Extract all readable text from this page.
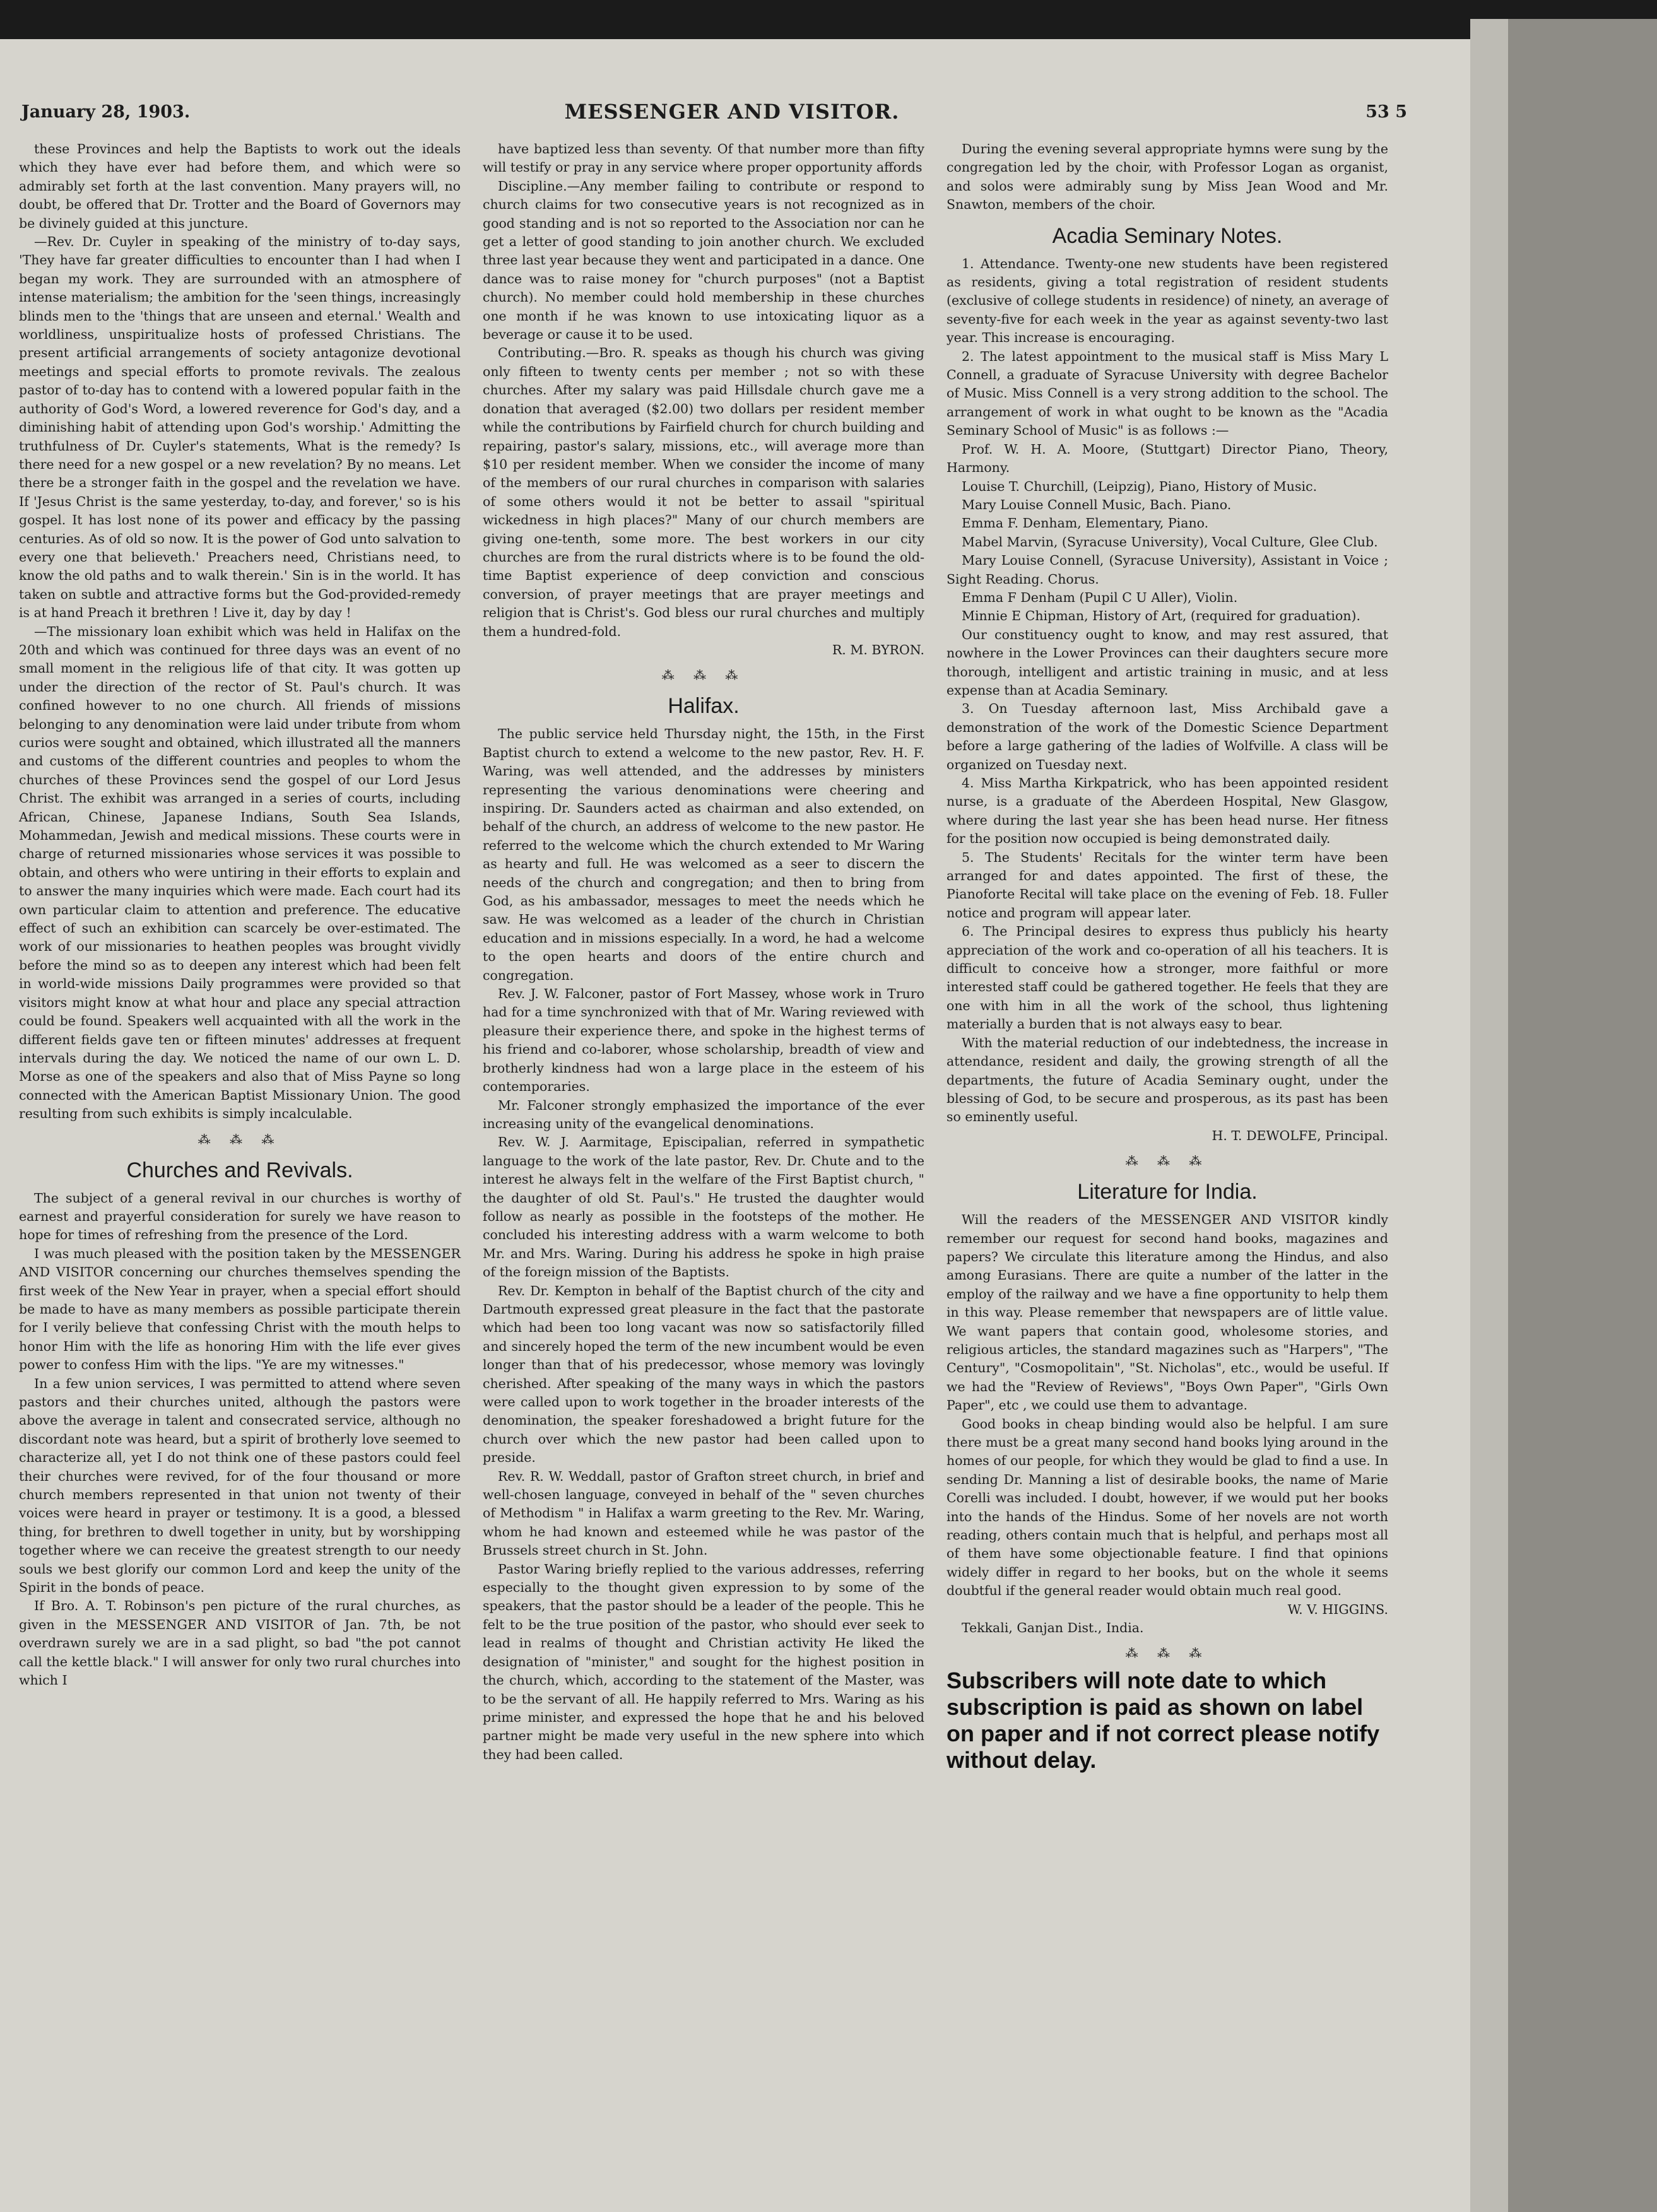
January 28, 1903.	MESSENGER AND VISITOR.	53 5

these Provinces and help the Baptists to work out the ideals which they have ever had before them, and which were so admirably set forth at the last convention. Many prayers will, no doubt, be offered that Dr. Trotter and the Board of Governors may be divinely guided at this juncture.

—Rev. Dr. Cuyler in speaking of the ministry of to-day says, 'They have far greater difficulties to encounter than I had when I began my work. They are surrounded with an atmosphere of intense materialism; the ambition for the 'seen things, increasingly blinds men to the 'things that are unseen and eternal.' Wealth and worldliness, unspiritualize hosts of professed Christians. The present artificial arrangements of society antagonize devotional meetings and special efforts to promote revivals. The zealous pastor of to-day has to contend with a lowered popular faith in the authority of God's Word, a lowered reverence for God's day, and a diminishing habit of attending upon God's worship.' Admitting the truthfulness of Dr. Cuyler's statements, What is the remedy? Is there need for a new gospel or a new revelation? By no means. Let there be a stronger faith in the gospel and the revelation we have. If 'Jesus Christ is the same yesterday, to-day, and forever,' so is his gospel. It has lost none of its power and efficacy by the passing centuries. As of old so now. It is the power of God unto salvation to every one that believeth.' Preachers need, Christians need, to know the old paths and to walk therein.' Sin is in the world. It has taken on subtle and attractive forms but the God-provided-remedy is at hand Preach it brethren ! Live it, day by day !

—The missionary loan exhibit which was held in Halifax on the 20th and which was continued for three days was an event of no small moment in the religious life of that city. It was gotten up under the direction of the rector of St. Paul's church. It was confined however to no one church. All friends of missions belonging to any denomination were laid under tribute from whom curios were sought and obtained, which illustrated all the manners and customs of the different countries and peoples to whom the churches of these Provinces send the gospel of our Lord Jesus Christ. The exhibit was arranged in a series of courts, including African, Chinese, Japanese Indians, South Sea Islands, Mohammedan, Jewish and medical missions. These courts were in charge of returned missionaries whose services it was possible to obtain, and others who were untiring in their efforts to explain and to answer the many inquiries which were made. Each court had its own particular claim to attention and preference. The educative effect of such an exhibition can scarcely be over-estimated. The work of our missionaries to heathen peoples was brought vividly before the mind so as to deepen any interest which had been felt in world-wide missions Daily programmes were provided so that visitors might know at what hour and place any special attraction could be found. Speakers well acquainted with all the work in the different fields gave ten or fifteen minutes' addresses at frequent intervals during the day. We noticed the name of our own L. D. Morse as one of the speakers and also that of Miss Payne so long connected with the American Baptist Missionary Union. The good resulting from such exhibits is simply incalculable.

⁂ ⁂ ⁂
Churches and Revivals.

The subject of a general revival in our churches is worthy of earnest and prayerful consideration for surely we have reason to hope for times of refreshing from the presence of the Lord.

I was much pleased with the position taken by the MESSENGER AND VISITOR concerning our churches themselves spending the first week of the New Year in prayer, when a special effort should be made to have as many members as possible participate therein for I verily believe that confessing Christ with the mouth helps to honor Him with the life as honoring Him with the life ever gives power to confess Him with the lips. "Ye are my witnesses."

In a few union services, I was permitted to attend where seven pastors and their churches united, although the pastors were above the average in talent and consecrated service, although no discordant note was heard, but a spirit of brotherly love seemed to characterize all, yet I do not think one of these pastors could feel their churches were revived, for of the four thousand or more church members represented in that union not twenty of their voices were heard in prayer or testimony. It is a good, a blessed thing, for brethren to dwell together in unity, but by worshipping together where we can receive the greatest strength to our needy souls we best glorify our common Lord and keep the unity of the Spirit in the bonds of peace.

If Bro. A. T. Robinson's pen picture of the rural churches, as given in the MESSENGER AND VISITOR of Jan. 7th, be not overdrawn surely we are in a sad plight, so bad "the pot cannot call the kettle black." I will answer for only two rural churches into which I

have baptized less than seventy. Of that number more than fifty will testify or pray in any service where proper opportunity affords

Discipline.—Any member failing to contribute or respond to church claims for two consecutive years is not recognized as in good standing and is not so reported to the Association nor can he get a letter of good standing to join another church. We excluded three last year because they went and participated in a dance. One dance was to raise money for "church purposes" (not a Baptist church). No member could hold membership in these churches one month if he was known to use intoxicating liquor as a beverage or cause it to be used.

Contributing.—Bro. R. speaks as though his church was giving only fifteen to twenty cents per member ; not so with these churches. After my salary was paid Hillsdale church gave me a donation that averaged ($2.00) two dollars per resident member while the contributions by Fairfield church for church building and repairing, pastor's salary, missions, etc., will average more than $10 per resident member. When we consider the income of many of the members of our rural churches in comparison with salaries of some others would it not be better to assail "spiritual wickedness in high places?" Many of our church members are giving one-tenth, some more. The best workers in our city churches are from the rural districts where is to be found the old-time Baptist experience of deep conviction and conscious conversion, of prayer meetings that are prayer meetings and religion that is Christ's. God bless our rural churches and multiply them a hundred-fold.

R. M. BYRON.

⁂ ⁂ ⁂
Halifax.

The public service held Thursday night, the 15th, in the First Baptist church to extend a welcome to the new pastor, Rev. H. F. Waring, was well attended, and the addresses by ministers representing the various denominations were cheering and inspiring. Dr. Saunders acted as chairman and also extended, on behalf of the church, an address of welcome to the new pastor. He referred to the welcome which the church extended to Mr Waring as hearty and full. He was welcomed as a seer to discern the needs of the church and congregation; and then to bring from God, as his ambassador, messages to meet the needs which he saw. He was welcomed as a leader of the church in Christian education and in missions especially. In a word, he had a welcome to the open hearts and doors of the entire church and congregation.

Rev. J. W. Falconer, pastor of Fort Massey, whose work in Truro had for a time synchronized with that of Mr. Waring reviewed with pleasure their experience there, and spoke in the highest terms of his friend and co-laborer, whose scholarship, breadth of view and brotherly kindness had won a large place in the esteem of his contemporaries.

Mr. Falconer strongly emphasized the importance of the ever increasing unity of the evangelical denominations.

Rev. W. J. Aarmitage, Episcipalian, referred in sympathetic language to the work of the late pastor, Rev. Dr. Chute and to the interest he always felt in the welfare of the First Baptist church, " the daughter of old St. Paul's." He trusted the daughter would follow as nearly as possible in the footsteps of the mother. He concluded his interesting address with a warm welcome to both Mr. and Mrs. Waring. During his address he spoke in high praise of the foreign mission of the Baptists.

Rev. Dr. Kempton in behalf of the Baptist church of the city and Dartmouth expressed great pleasure in the fact that the pastorate which had been too long vacant was now so satisfactorily filled and sincerely hoped the term of the new incumbent would be even longer than that of his predecessor, whose memory was lovingly cherished. After speaking of the many ways in which the pastors were called upon to work together in the broader interests of the denomination, the speaker foreshadowed a bright future for the church over which the new pastor had been called upon to preside.

Rev. R. W. Weddall, pastor of Grafton street church, in brief and well-chosen language, conveyed in behalf of the " seven churches of Methodism " in Halifax a warm greeting to the Rev. Mr. Waring, whom he had known and esteemed while he was pastor of the Brussels street church in St. John.

Pastor Waring briefly replied to the various addresses, referring especially to the thought given expression to by some of the speakers, that the pastor should be a leader of the people. This he felt to be the true position of the pastor, who should ever seek to lead in realms of thought and Christian activity He liked the designation of "minister," and sought for the highest position in the church, which, according to the statement of the Master, was to be the servant of all. He happily referred to Mrs. Waring as his prime minister, and expressed the hope that he and his beloved partner might be made very useful in the new sphere into which they had been called.

During the evening several appropriate hymns were sung by the congregation led by the choir, with Professor Logan as organist, and solos were admirably sung by Miss Jean Wood and Mr. Snawton, members of the choir.

Acadia Seminary Notes.

1. Attendance. Twenty-one new students have been registered as residents, giving a total registration of resident students (exclusive of college students in residence) of ninety, an average of seventy-five for each week in the year as against seventy-two last year. This increase is encouraging.

2. The latest appointment to the musical staff is Miss Mary L Connell, a graduate of Syracuse University with degree Bachelor of Music. Miss Connell is a very strong addition to the school. The arrangement of work in what ought to be known as the "Acadia Seminary School of Music" is as follows :—

Prof. W. H. A. Moore, (Stuttgart) Director Piano, Theory, Harmony.

Louise T. Churchill, (Leipzig), Piano, History of Music.

Mary Louise Connell Music, Bach. Piano.

Emma F. Denham, Elementary, Piano.

Mabel Marvin, (Syracuse University), Vocal Culture, Glee Club.

Mary Louise Connell, (Syracuse University), Assistant in Voice ; Sight Reading. Chorus.

Emma F Denham (Pupil C U Aller), Violin.

Minnie E Chipman, History of Art, (required for graduation).

Our constituency ought to know, and may rest assured, that nowhere in the Lower Provinces can their daughters secure more thorough, intelligent and artistic training in music, and at less expense than at Acadia Seminary.

3. On Tuesday afternoon last, Miss Archibald gave a demonstration of the work of the Domestic Science Department before a large gathering of the ladies of Wolfville. A class will be organized on Tuesday next.

4. Miss Martha Kirkpatrick, who has been appointed resident nurse, is a graduate of the Aberdeen Hospital, New Glasgow, where during the last year she has been head nurse. Her fitness for the position now occupied is being demonstrated daily.

5. The Students' Recitals for the winter term have been arranged for and dates appointed. The first of these, the Pianoforte Recital will take place on the evening of Feb. 18. Fuller notice and program will appear later.

6. The Principal desires to express thus publicly his hearty appreciation of the work and co-operation of all his teachers. It is difficult to conceive how a stronger, more faithful or more interested staff could be gathered together. He feels that they are one with him in all the work of the school, thus lightening materially a burden that is not always easy to bear.

With the material reduction of our indebtedness, the increase in attendance, resident and daily, the growing strength of all the departments, the future of Acadia Seminary ought, under the blessing of God, to be secure and prosperous, as its past has been so eminently useful.

H. T. DEWOLFE, Principal.

⁂ ⁂ ⁂
Literature for India.

Will the readers of the MESSENGER AND VISITOR kindly remember our request for second hand books, magazines and papers? We circulate this literature among the Hindus, and also among Eurasians. There are quite a number of the latter in the employ of the railway and we have a fine opportunity to help them in this way. Please remember that newspapers are of little value. We want papers that contain good, wholesome stories, and religious articles, the standard magazines such as "Harpers", "The Century", "Cosmopolitain", "St. Nicholas", etc., would be useful. If we had the "Review of Reviews", "Boys Own Paper", "Girls Own Paper", etc , we could use them to advantage.

Good books in cheap binding would also be helpful. I am sure there must be a great many second hand books lying around in the homes of our people, for which they would be glad to find a use. In sending Dr. Manning a list of desirable books, the name of Marie Corelli was included. I doubt, however, if we would put her books into the hands of the Hindus. Some of her novels are not worth reading, others contain much that is helpful, and perhaps most all of them have some objectionable feature. I find that opinions widely differ in regard to her books, but on the whole it seems doubtful if the general reader would obtain much real good.

W. V. HIGGINS.

Tekkali, Ganjan Dist., India.

⁂ ⁂ ⁂

Subscribers will note date to which subscription is paid as shown on label on paper and if not correct please notify without delay.
